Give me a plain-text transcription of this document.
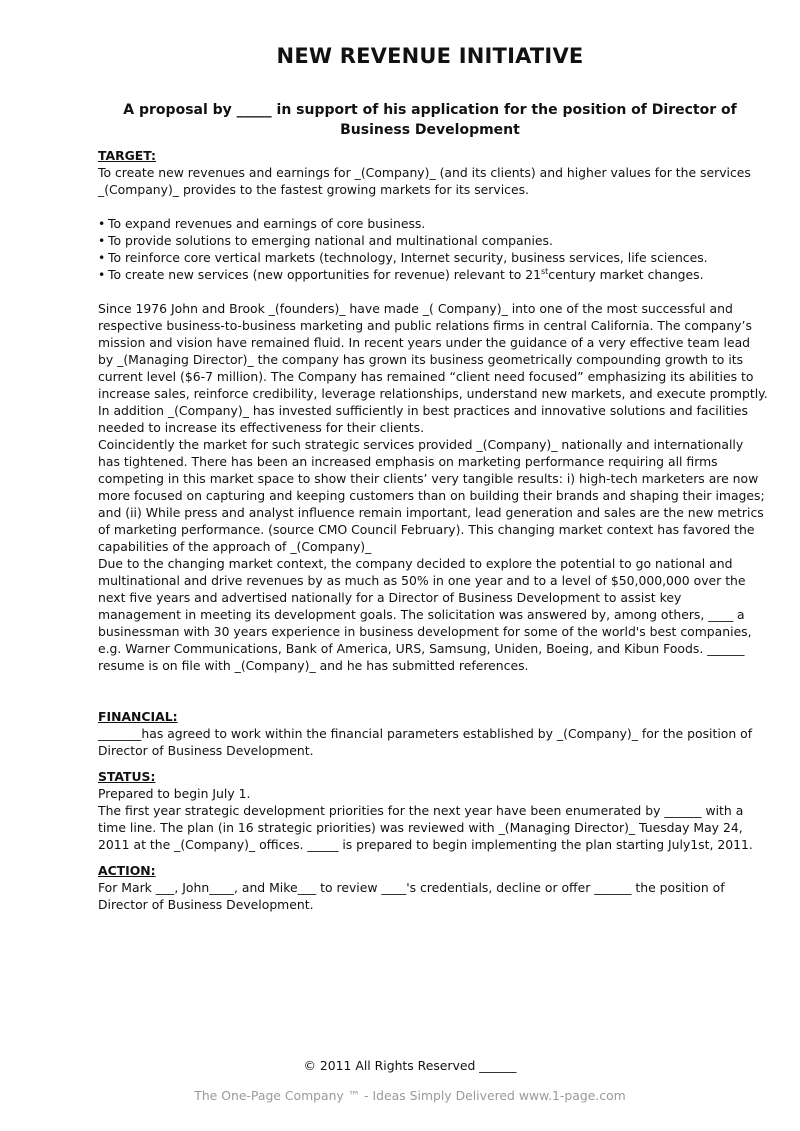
NEW REVENUE INITIATIVE
A proposal by _____ in support of his application for the position of Director of Business Development

TARGET:

To create new revenues and earnings for _(Company)_ (and its clients) and higher values for the services _(Company)_ provides to the fastest growing markets for its services.

• To expand revenues and earnings of core business.
• To provide solutions to emerging national and multinational companies.
• To reinforce core vertical markets (technology, Internet security, business services, life sciences.
• To create new services (new opportunities for revenue) relevant to 21stcentury market changes.

Since 1976 John and Brook _(founders)_ have made _( Company)_ into one of the most successful and respective business-to-business marketing and public relations firms in central California. The company’s mission and vision have remained fluid. In recent years under the guidance of a very effective team lead by _(Managing Director)_ the company has grown its business geometrically compounding growth to its current level ($6-7 million). The Company has remained “client need focused” emphasizing its abilities to increase sales, reinforce credibility, leverage relationships, understand new markets, and execute promptly. In addition _(Company)_ has invested sufficiently in best practices and innovative solutions and facilities needed to increase its effectiveness for their clients.

Coincidently the market for such strategic services provided _(Company)_ nationally and internationally has tightened. There has been an increased emphasis on marketing performance requiring all firms competing in this market space to show their clients’ very tangible results: i) high-tech marketers are now more focused on capturing and keeping customers than on building their brands and shaping their images; and (ii) While press and analyst influence remain important, lead generation and sales are the new metrics of marketing performance. (source CMO Council February). This changing market context has favored the capabilities of the approach of _(Company)_

Due to the changing market context, the company decided to explore the potential to go national and multinational and drive revenues by as much as 50% in one year and to a level of $50,000,000 over the next five years and advertised nationally for a Director of Business Development to assist key management in meeting its development goals. The solicitation was answered by, among others, ____ a businessman with 30 years experience in business development for some of the world's best companies, e.g. Warner Communications, Bank of America, URS, Samsung, Uniden, Boeing, and Kibun Foods. ______ resume is on file with _(Company)_ and he has submitted references.

FINANCIAL:

_______has agreed to work within the financial parameters established by _(Company)_ for the position of Director of Business Development.

STATUS:

Prepared to begin July 1.

The first year strategic development priorities for the next year have been enumerated by ______ with a time line. The plan (in 16 strategic priorities) was reviewed with _(Managing Director)_ Tuesday May 24, 2011 at the _(Company)_ offices. _____ is prepared to begin implementing the plan starting July1st, 2011.

ACTION:

For Mark ___, John____, and Mike___ to review ____'s credentials, decline or offer ______ the position of Director of Business Development.

© 2011 All Rights Reserved ______
The One-Page Company ™ - Ideas Simply Delivered www.1-page.com
